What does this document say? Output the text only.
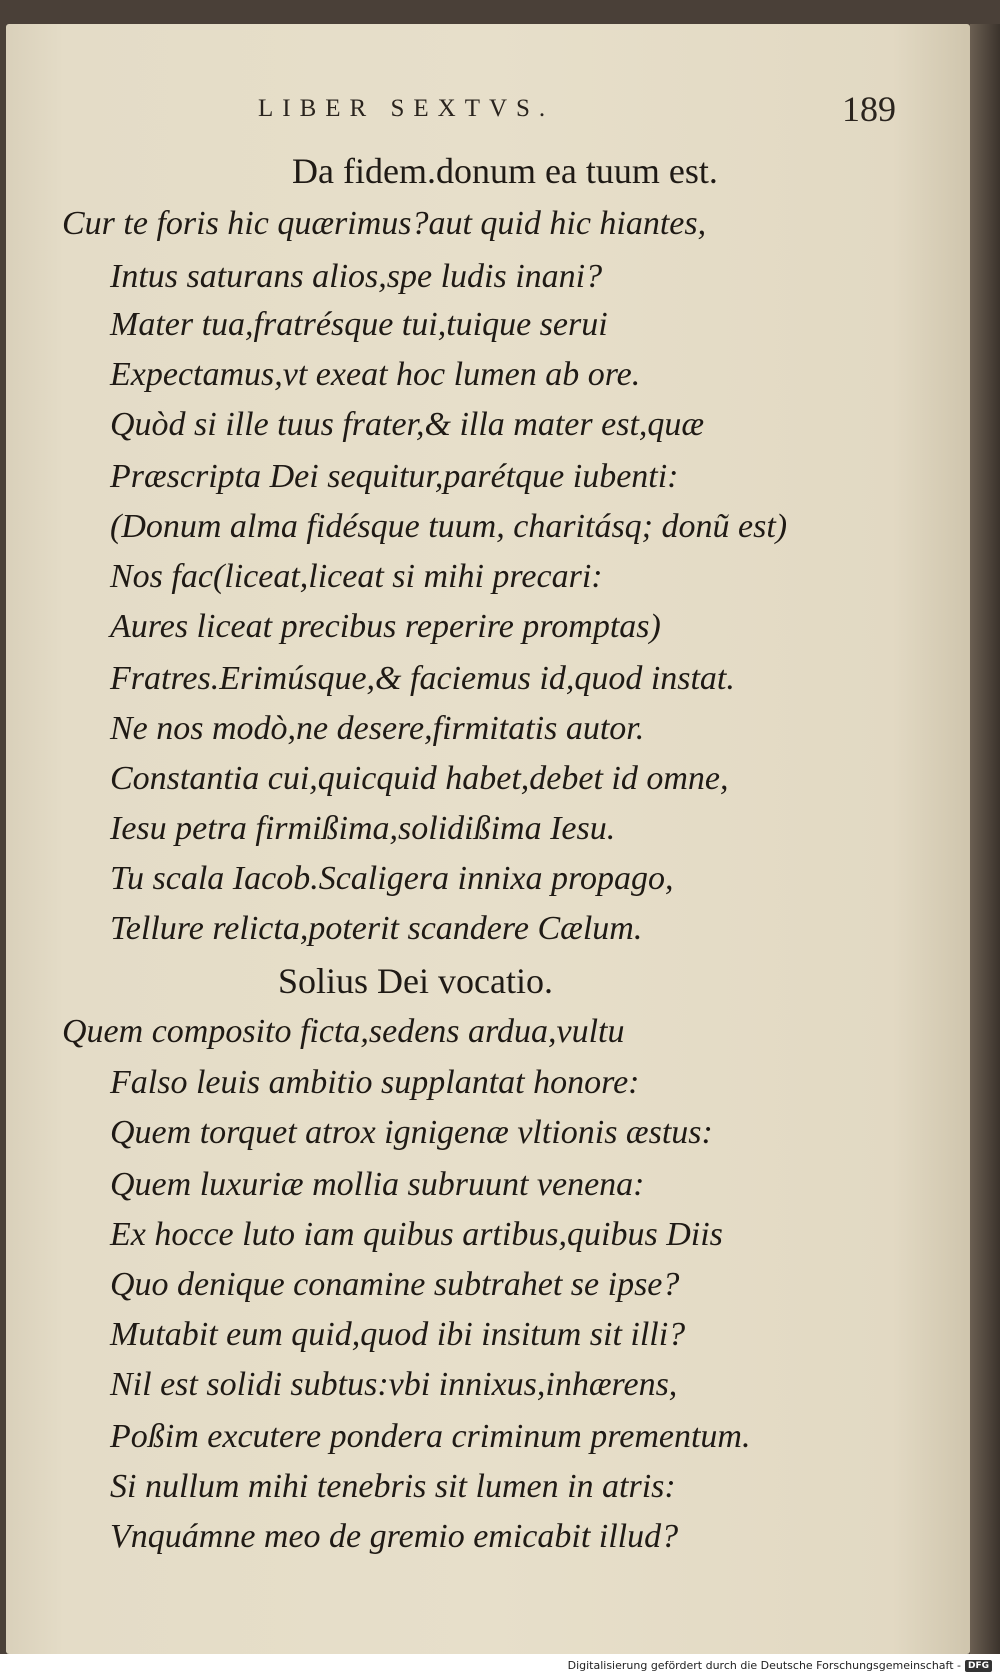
LIBER SEXTVS.	189
Da fidem.donum ea tuum est.
Cur te foris hic quærimus?aut quid hic hiantes,
Intus saturans alios,spe ludis inani?
Mater tua,fratrésque tui,tuique serui
Expectamus,vt exeat hoc lumen ab ore.
Quòd si ille tuus frater,& illa mater est,quæ
Præscripta Dei sequitur,parétque iubenti:
(Donum alma fidésque tuum, charitásq; donũ est)
Nos fac(liceat,liceat si mihi precari:
Aures liceat precibus reperire promptas)
Fratres.Erimúsque,& faciemus id,quod instat.
Ne nos modò,ne desere,firmitatis autor.
Constantia cui,quicquid habet,debet id omne,
Iesu petra firmißima,solidißima Iesu.
Tu scala Iacob.Scaligera innixa propago,
Tellure relicta,poterit scandere Cælum.
Solius Dei vocatio.
Quem composito ficta,sedens ardua,vultu
Falso leuis ambitio supplantat honore:
Quem torquet atrox ignigenæ vltionis æstus:
Quem luxuriæ mollia subruunt venena:
Ex hocce luto iam quibus artibus,quibus Diis
Quo denique conamine subtrahet se ipse?
Mutabit eum quid,quod ibi insitum sit illi?
Nil est solidi subtus:vbi innixus,inhærens,
Poßim excutere pondera criminum prementum.
Si nullum mihi tenebris sit lumen in atris:
Vnquámne meo de gremio emicabit illud?
Digitalisierung gefördert durch die Deutsche Forschungsgemeinschaft - DFG
